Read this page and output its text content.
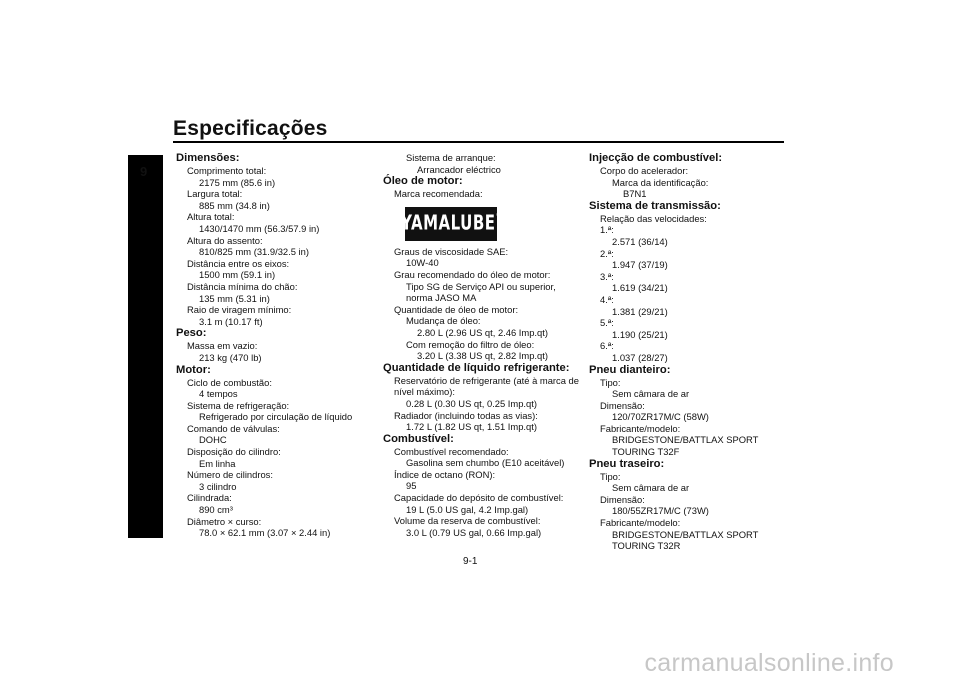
Especificações
9
Dimensões:
Comprimento total:
2175 mm (85.6 in)
Largura total:
885 mm (34.8 in)
Altura total:
1430/1470 mm (56.3/57.9 in)
Altura do assento:
810/825 mm (31.9/32.5 in)
Distância entre os eixos:
1500 mm (59.1 in)
Distância mínima do chão:
135 mm (5.31 in)
Raio de viragem mínimo:
3.1 m (10.17 ft)
Peso:
Massa em vazio:
213 kg (470 lb)
Motor:
Ciclo de combustão:
4 tempos
Sistema de refrigeração:
Refrigerado por circulação de líquido
Comando de válvulas:
DOHC
Disposição do cilindro:
Em linha
Número de cilindros:
3 cilindro
Cilindrada:
890 cm³
Diâmetro × curso:
78.0 × 62.1 mm (3.07 × 2.44 in)
Sistema de arranque:
Arrancador eléctrico
Óleo de motor:
Marca recomendada:
YAMALUBE ®
Graus de viscosidade SAE:
10W-40
Grau recomendado do óleo de motor:
Tipo SG de Serviço API ou superior, norma JASO MA
Quantidade de óleo de motor:
Mudança de óleo:
2.80 L (2.96 US qt, 2.46 Imp.qt)
Com remoção do filtro de óleo:
3.20 L (3.38 US qt, 2.82 Imp.qt)
Quantidade de líquido refrigerante:
Reservatório de refrigerante (até à marca de nível máximo):
0.28 L (0.30 US qt, 0.25 Imp.qt)
Radiador (incluindo todas as vias):
1.72 L (1.82 US qt, 1.51 Imp.qt)
Combustível:
Combustível recomendado:
Gasolina sem chumbo (E10 aceitável)
Índice de octano (RON):
95
Capacidade do depósito de combustível:
19 L (5.0 US gal, 4.2 Imp.gal)
Volume da reserva de combustível:
3.0 L (0.79 US gal, 0.66 Imp.gal)
Injecção de combustível:
Corpo do acelerador:
Marca da identificação:
B7N1
Sistema de transmissão:
Relação das velocidades:
1.ª:
2.571 (36/14)
2.ª:
1.947 (37/19)
3.ª:
1.619 (34/21)
4.ª:
1.381 (29/21)
5.ª:
1.190 (25/21)
6.ª:
1.037 (28/27)
Pneu dianteiro:
Tipo:
Sem câmara de ar
Dimensão:
120/70ZR17M/C (58W)
Fabricante/modelo:
BRIDGESTONE/BATTLAX SPORT TOURING T32F
Pneu traseiro:
Tipo:
Sem câmara de ar
Dimensão:
180/55ZR17M/C (73W)
Fabricante/modelo:
BRIDGESTONE/BATTLAX SPORT TOURING T32R
9-1
carmanualsonline.info
